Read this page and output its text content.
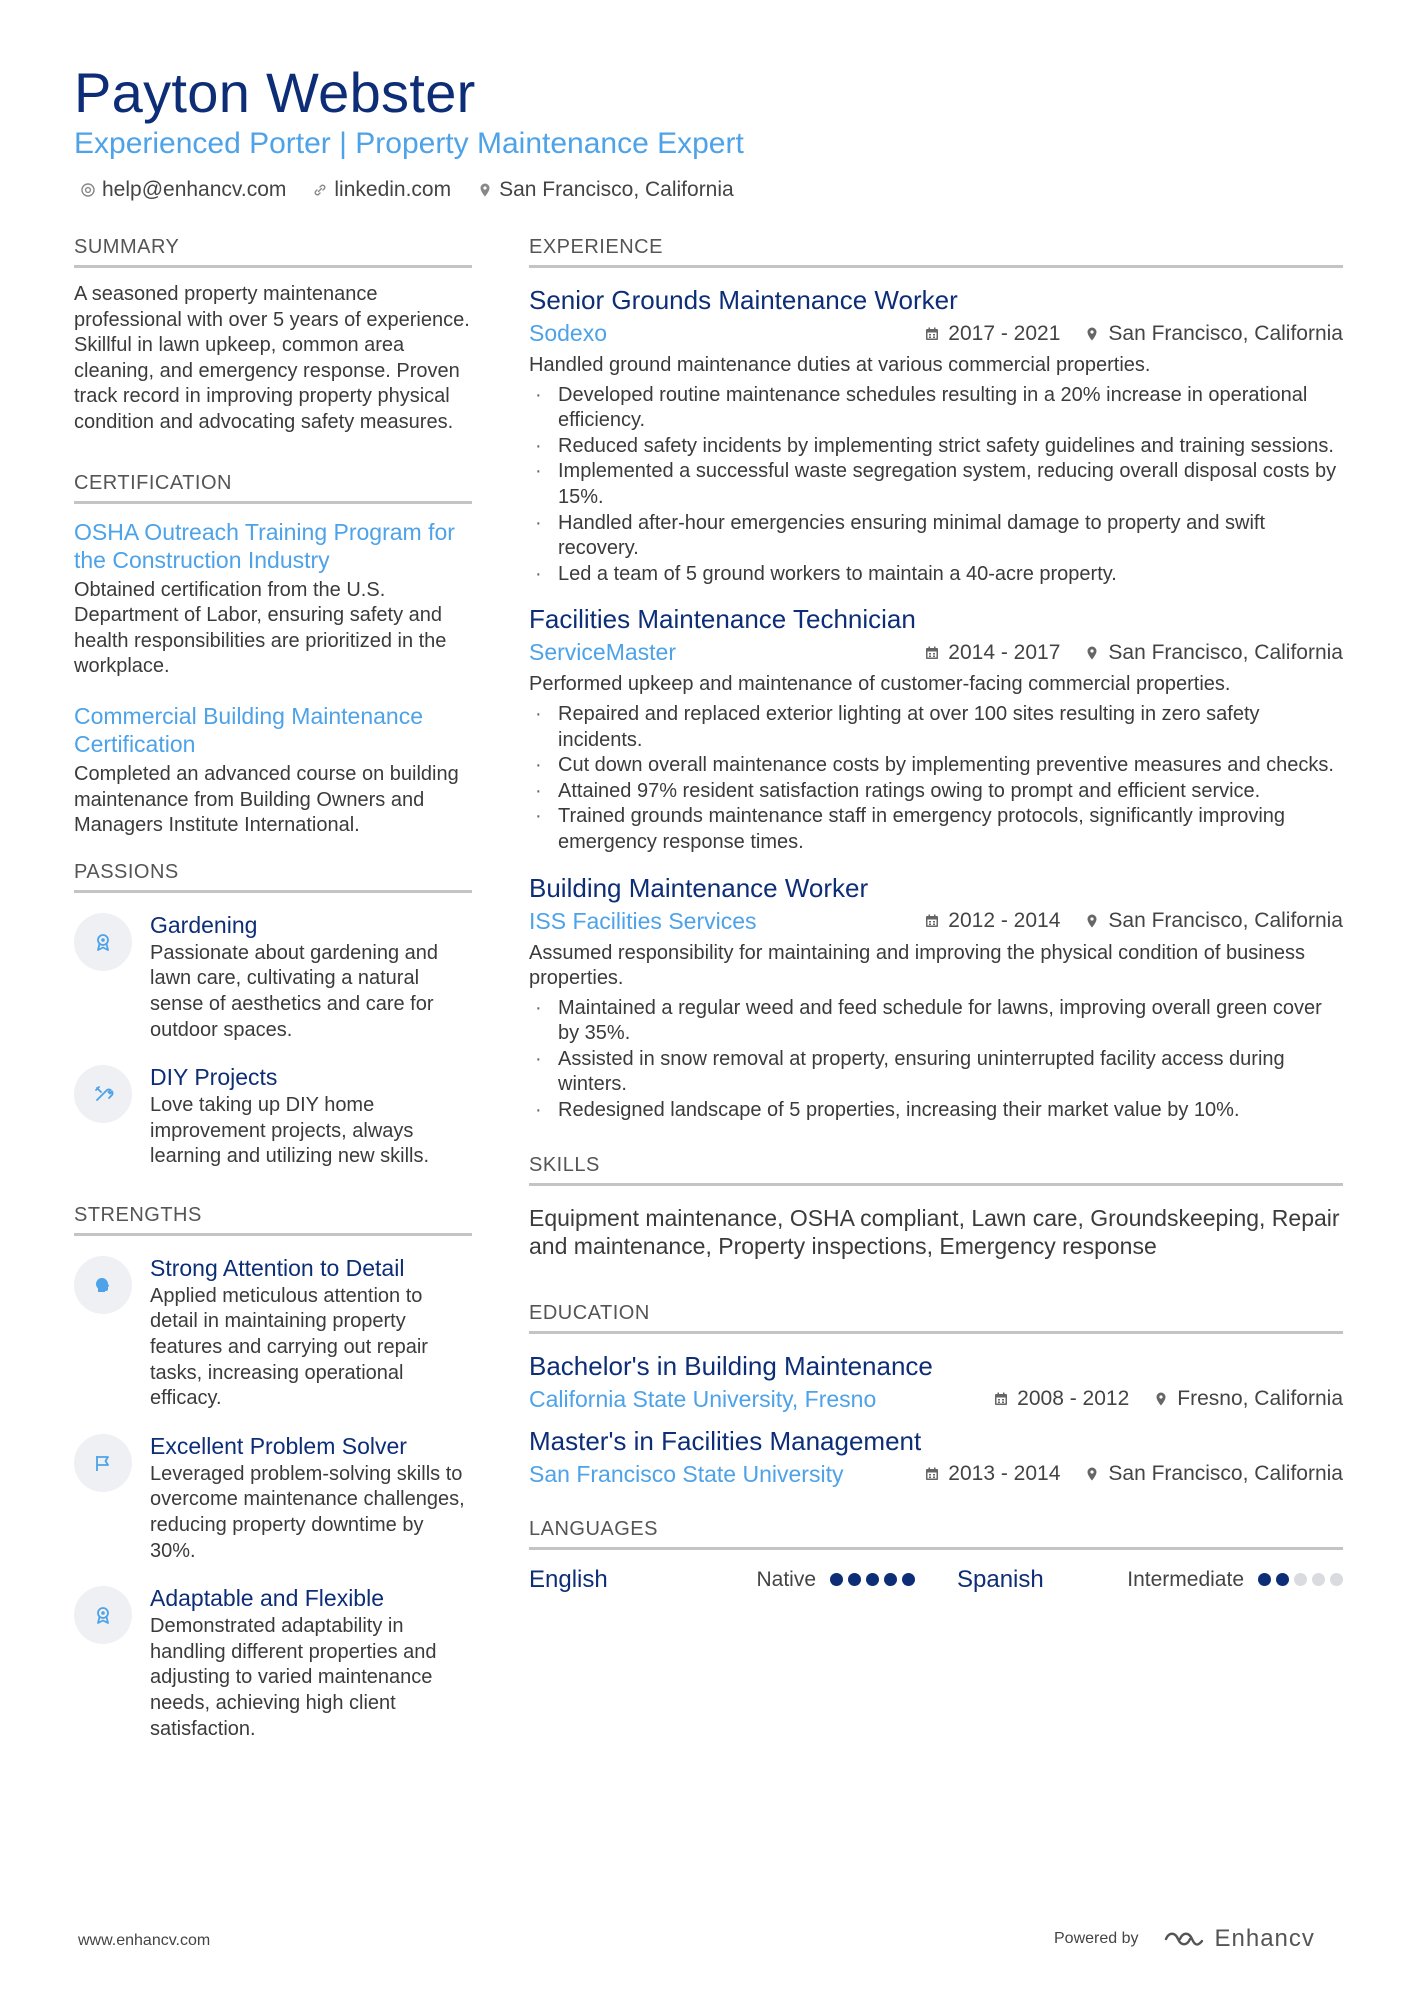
Payton Webster
Experienced Porter | Property Maintenance Expert
help@enhancv.com linkedin.com San Francisco, California
SUMMARY
A seasoned property maintenance professional with over 5 years of experience. Skillful in lawn upkeep, common area cleaning, and emergency response. Proven track record in improving property physical condition and advocating safety measures.
CERTIFICATION
OSHA Outreach Training Program for the Construction Industry
Obtained certification from the U.S. Department of Labor, ensuring safety and health responsibilities are prioritized in the workplace.
Commercial Building Maintenance Certification
Completed an advanced course on building maintenance from Building Owners and Managers Institute International.
PASSIONS
Gardening
Passionate about gardening and lawn care, cultivating a natural sense of aesthetics and care for outdoor spaces.
DIY Projects
Love taking up DIY home improvement projects, always learning and utilizing new skills.
STRENGTHS
Strong Attention to Detail
Applied meticulous attention to detail in maintaining property features and carrying out repair tasks, increasing operational efficacy.
Excellent Problem Solver
Leveraged problem-solving skills to overcome maintenance challenges, reducing property downtime by 30%.
Adaptable and Flexible
Demonstrated adaptability in handling different properties and adjusting to varied maintenance needs, achieving high client satisfaction.
EXPERIENCE
Senior Grounds Maintenance Worker
Sodexo	2017 - 2021 San Francisco, California
Handled ground maintenance duties at various commercial properties.
· Developed routine maintenance schedules resulting in a 20% increase in operational efficiency.
· Reduced safety incidents by implementing strict safety guidelines and training sessions.
· Implemented a successful waste segregation system, reducing overall disposal costs by 15%.
· Handled after-hour emergencies ensuring minimal damage to property and swift recovery.
· Led a team of 5 ground workers to maintain a 40-acre property.
Facilities Maintenance Technician
ServiceMaster	2014 - 2017 San Francisco, California
Performed upkeep and maintenance of customer-facing commercial properties.
· Repaired and replaced exterior lighting at over 100 sites resulting in zero safety incidents.
· Cut down overall maintenance costs by implementing preventive measures and checks.
· Attained 97% resident satisfaction ratings owing to prompt and efficient service.
· Trained grounds maintenance staff in emergency protocols, significantly improving emergency response times.
Building Maintenance Worker
ISS Facilities Services	2012 - 2014 San Francisco, California
Assumed responsibility for maintaining and improving the physical condition of business properties.
· Maintained a regular weed and feed schedule for lawns, improving overall green cover by 35%.
· Assisted in snow removal at property, ensuring uninterrupted facility access during winters.
· Redesigned landscape of 5 properties, increasing their market value by 10%.
SKILLS
Equipment maintenance, OSHA compliant, Lawn care, Groundskeeping, Repair and maintenance, Property inspections, Emergency response
EDUCATION
Bachelor's in Building Maintenance
California State University, Fresno	2008 - 2012 Fresno, California
Master's in Facilities Management
San Francisco State University	2013 - 2014 San Francisco, California
LANGUAGES
English	Native	Spanish	Intermediate
www.enhancv.com	Powered by	Enhancv
